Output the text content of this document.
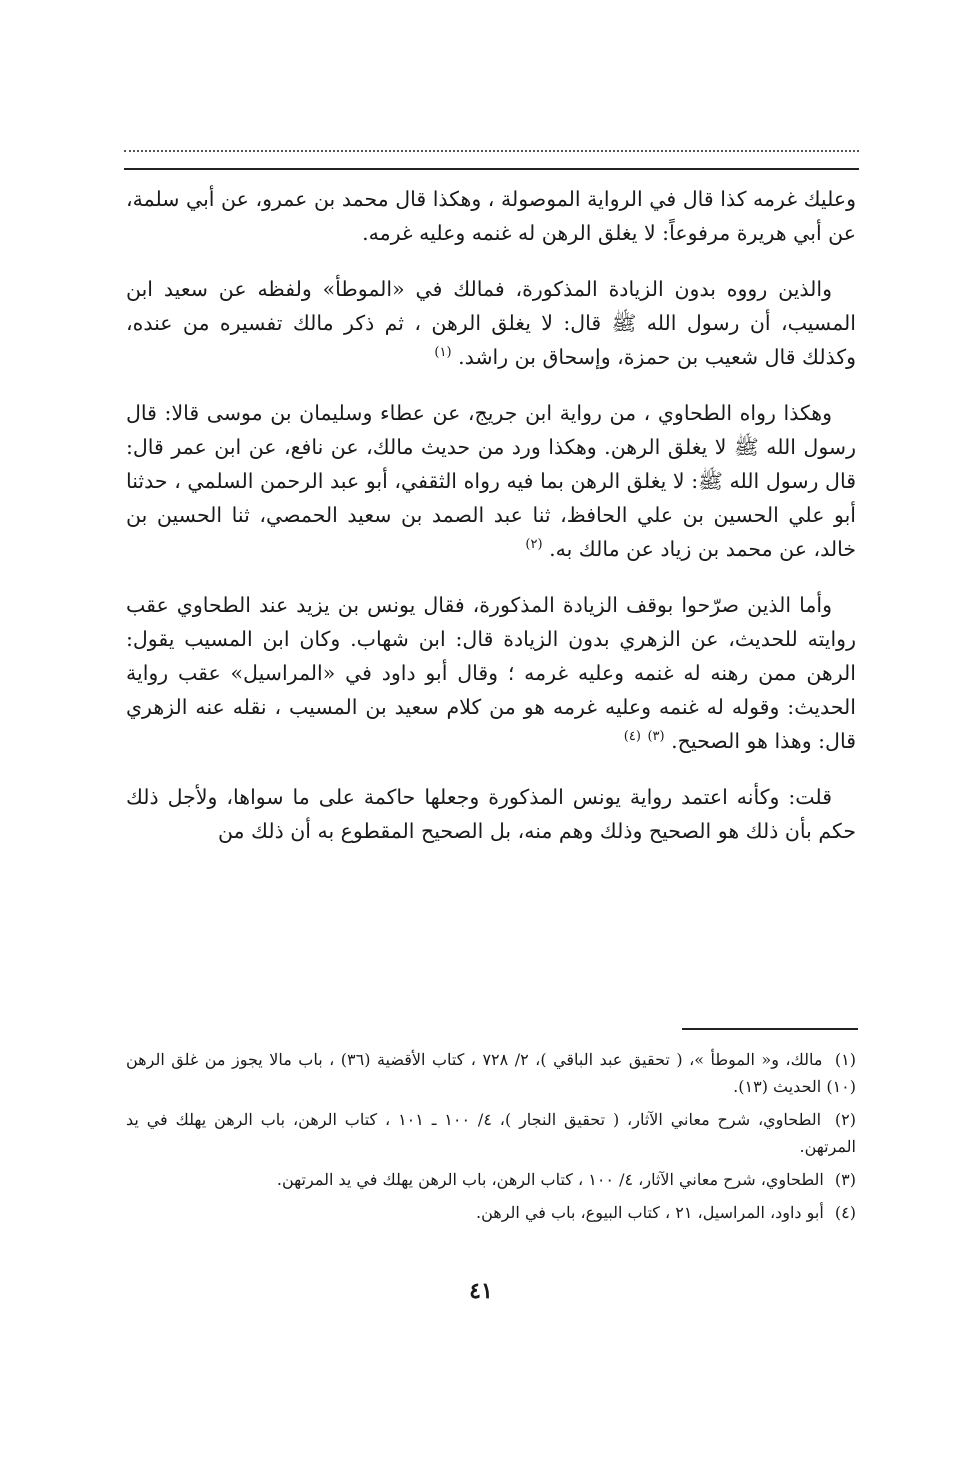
وعليك غرمه كذا قال في الرواية الموصولة ، وهكذا قال محمد بن عمرو، عن أبي سلمة، عن أبي هريرة مرفوعاً: لا يغلق الرهن له غنمه وعليه غرمه.

والذين رووه بدون الزيادة المذكورة، فمالك في «الموطأ» ولفظه عن سعيد ابن المسيب، أن رسول الله ﷺ قال: لا يغلق الرهن ، ثم ذكر مالك تفسيره من عنده، وكذلك قال شعيب بن حمزة، وإسحاق بن راشد. $^{(١)}$

وهكذا رواه الطحاوي ، من رواية ابن جريج، عن عطاء وسليمان بن موسى قالا: قال رسول الله ﷺ لا يغلق الرهن. وهكذا ورد من حديث مالك، عن نافع، عن ابن عمر قال: قال رسول الله ﷺ: لا يغلق الرهن بما فيه رواه الثقفي، أبو عبد الرحمن السلمي ، حدثنا أبو علي الحسين بن علي الحافظ، ثنا عبد الصمد بن سعيد الحمصي، ثنا الحسين بن خالد، عن محمد بن زياد عن مالك به. $^{(٢)}$

وأما الذين صرّحوا بوقف الزيادة المذكورة، فقال يونس بن يزيد عند الطحاوي عقب روايته للحديث، عن الزهري بدون الزيادة قال: ابن شهاب. وكان ابن المسيب يقول: الرهن ممن رهنه له غنمه وعليه غرمه ؛ وقال أبو داود في «المراسيل» عقب رواية الحديث: وقوله له غنمه وعليه غرمه هو من كلام سعيد بن المسيب ، نقله عنه الزهري قال: وهذا هو الصحيح. $^{(٣)}$ $^{(٤)}$

قلت: وكأنه اعتمد رواية يونس المذكورة وجعلها حاكمة على ما سواها، ولأجل ذلك حكم بأن ذلك هو الصحيح وذلك وهم منه، بل الصحيح المقطوع به أن ذلك من

(١) مالك، و« الموطأ »، ( تحقيق عبد الباقي )، ٢/ ٧٢٨ ، كتاب الأقضية (٣٦) ، باب مالا يجوز من غلق الرهن (١٠) الحديث (١٣).

(٢) الطحاوي، شرح معاني الآثار، ( تحقيق النجار )، ٤/ ١٠٠ ـ ١٠١ ، كتاب الرهن، باب الرهن يهلك في يد المرتهن.

(٣) الطحاوي، شرح معاني الآثار، ٤/ ١٠٠ ، كتاب الرهن، باب الرهن يهلك في يد المرتهن.

(٤) أبو داود، المراسيل، ٢١ ، كتاب البيوع، باب في الرهن.

٤١
